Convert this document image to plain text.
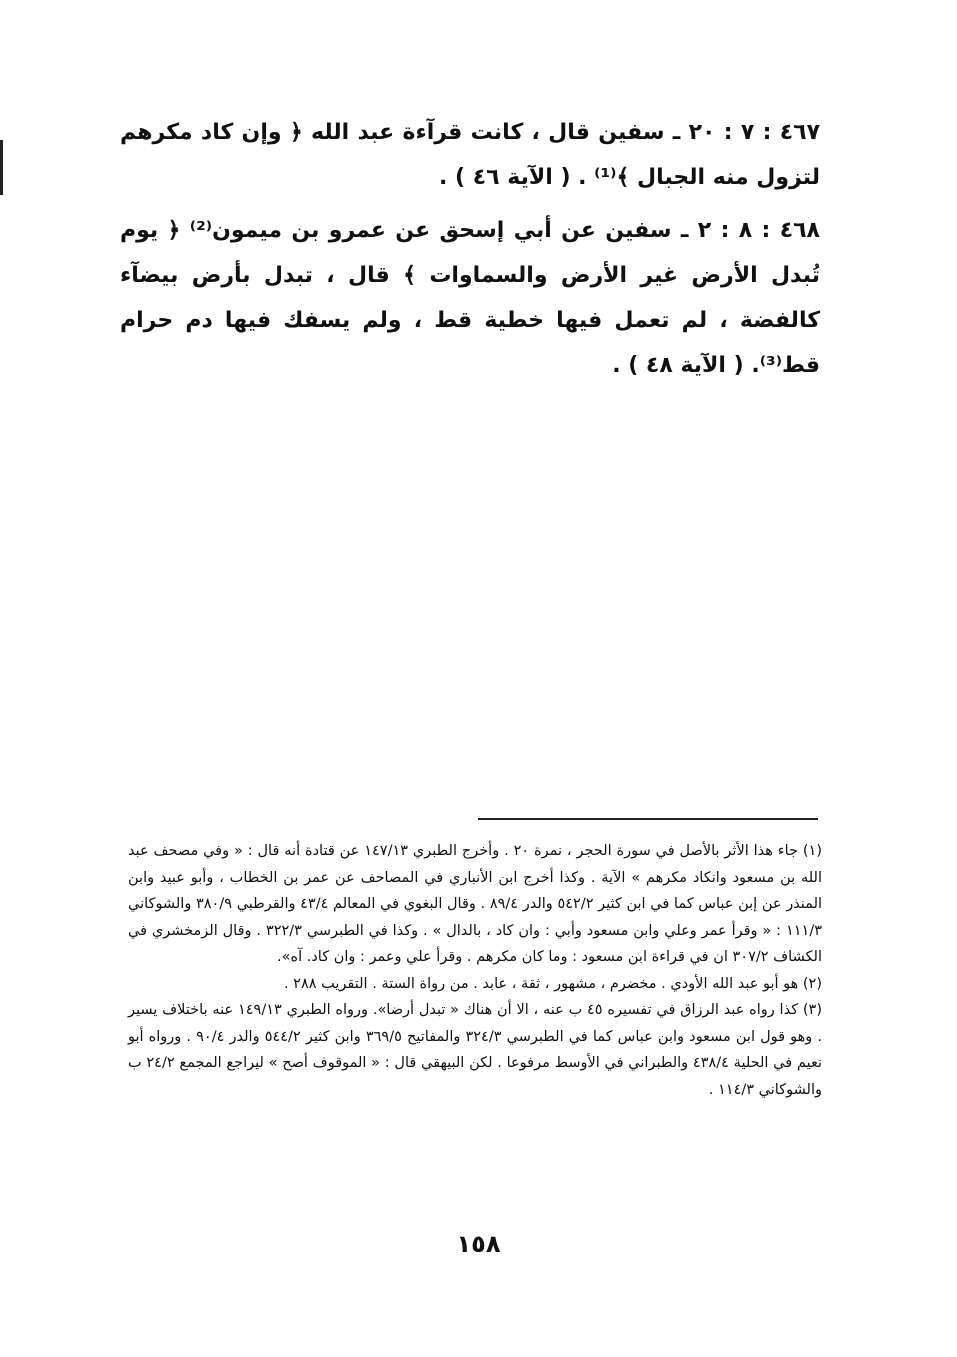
٤٦٧ : ٧ : ٢٠ ـ سفين قال ، كانت قرآءة عبد الله ﴿ وإن كاد مكرهم لتزول منه الجبال ﴾⁽¹⁾ . ( الآية ٤٦ ) .

٤٦٨ : ٨ : ٢ ـ سفين عن أبي إسحق عن عمرو بن ميمون⁽²⁾ ﴿ يوم تُبدل الأرض غير الأرض والسماوات ﴾ قال ، تبدل بأرض بيضآء كالفضة ، لم تعمل فيها خطية قط ، ولم يسفك فيها دم حرام قط⁽³⁾. ( الآية ٤٨ ) .

(١) جاء هذا الأثر بالأصل في سورة الحجر ، نمرة ٢٠ . وأخرج الطبري ١٤٧/١٣ عن قتادة أنه قال : « وفي مصحف عبد الله بن مسعود وانكاد مكرهم » الآية . وكذا أخرج ابن الأنباري في المصاحف عن عمر بن الخطاب ، وأبو عبيد وابن المنذر عن إبن عباس كما في ابن كثير ٥٤٢/٢ والدر ٨٩/٤ . وقال البغوي في المعالم ٤٣/٤ والقرطبي ٣٨٠/٩ والشوكاني ١١١/٣ : « وقرأ عمر وعلي وابن مسعود وأبي : وان كاد ، بالدال » . وكذا في الطبرسي ٣٢٢/٣ . وقال الزمخشري في الكشاف ٣٠٧/٢ ان في قراءة ابن مسعود : وما كان مكرهم . وقرأ علي وعمر : وان كاد. آه».

(٢) هو أبو عبد الله الأودي . مخضرم ، مشهور ، ثقة ، عابد . من رواة الستة . التقريب ٢٨٨ .

(٣) كذا رواه عبد الرزاق في تفسيره ٤٥ ب عنه ، الا أن هناك « تبدل أرضا». ورواه الطبري ١٤٩/١٣ عنه باختلاف يسير . وهو قول ابن مسعود وابن عباس كما في الطبرسي ٣٢٤/٣ والمفاتيح ٣٦٩/٥ وابن كثير ٥٤٤/٢ والدر ٩٠/٤ . ورواه أبو نعيم في الحلية ٤٣٨/٤ والطبراني في الأوسط مرفوعا . لكن البيهقي قال : « الموقوف أصح » ليراجع المجمع ٢٤/٢ ب والشوكاني ١١٤/٣ .

١٥٨
